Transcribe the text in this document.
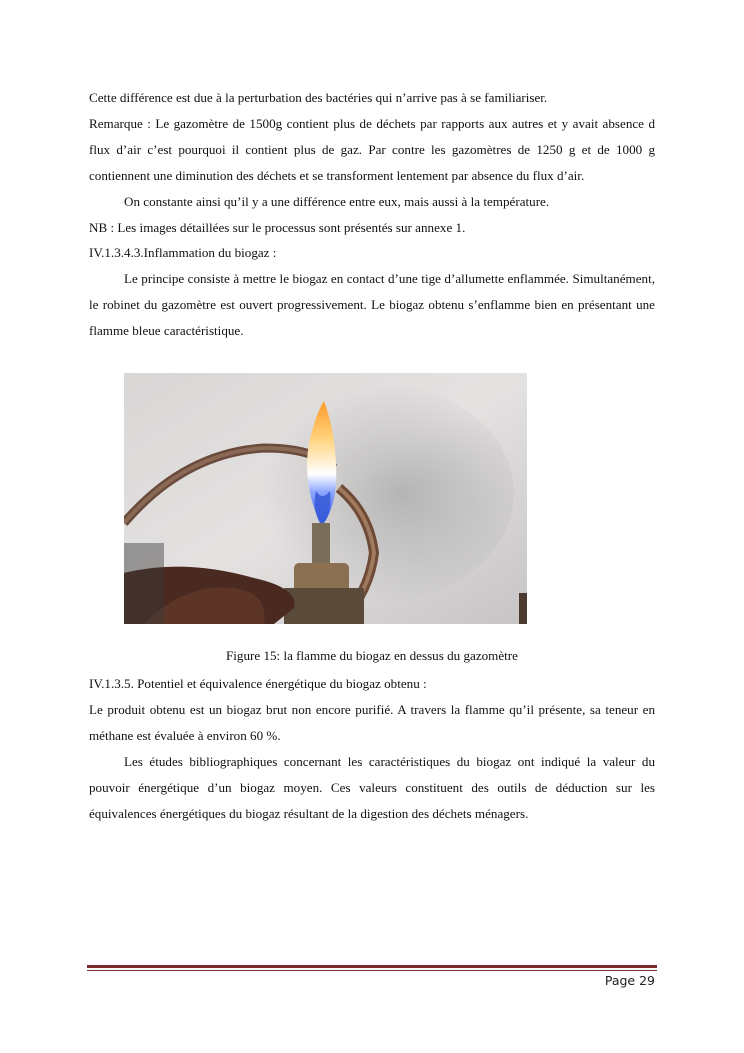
Cette différence est due à la perturbation des bactéries qui n’arrive pas à se familiariser.

Remarque : Le gazomètre de 1500g contient plus de déchets par rapports aux autres et y avait absence d flux d’air c’est pourquoi il contient plus de gaz. Par contre les gazomètres de 1250 g et de 1000 g contiennent une diminution des déchets et se transforment lentement par absence du flux d’air.

On constante ainsi qu’il y a une différence entre eux, mais aussi à la température.

NB : Les images détaillées sur le processus sont présentés sur annexe 1.

IV.1.3.4.3.Inflammation du biogaz :

Le principe consiste à mettre le biogaz en contact d’une tige d’allumette enflammée. Simultanément, le robinet du gazomètre est ouvert progressivement. Le biogaz obtenu s’enflamme bien en présentant une flamme bleue caractéristique.

Figure 15: la flamme du biogaz en dessus du gazomètre

IV.1.3.5. Potentiel et équivalence énergétique du biogaz obtenu :

Le produit obtenu est un biogaz brut non encore purifié. A travers la flamme qu’il présente, sa teneur en méthane est évaluée à environ 60 %.

Les études bibliographiques concernant les caractéristiques du biogaz ont indiqué la valeur du pouvoir énergétique d’un biogaz moyen. Ces valeurs constituent des outils de déduction sur les équivalences énergétiques du biogaz résultant de la digestion des déchets ménagers.

Page 29
